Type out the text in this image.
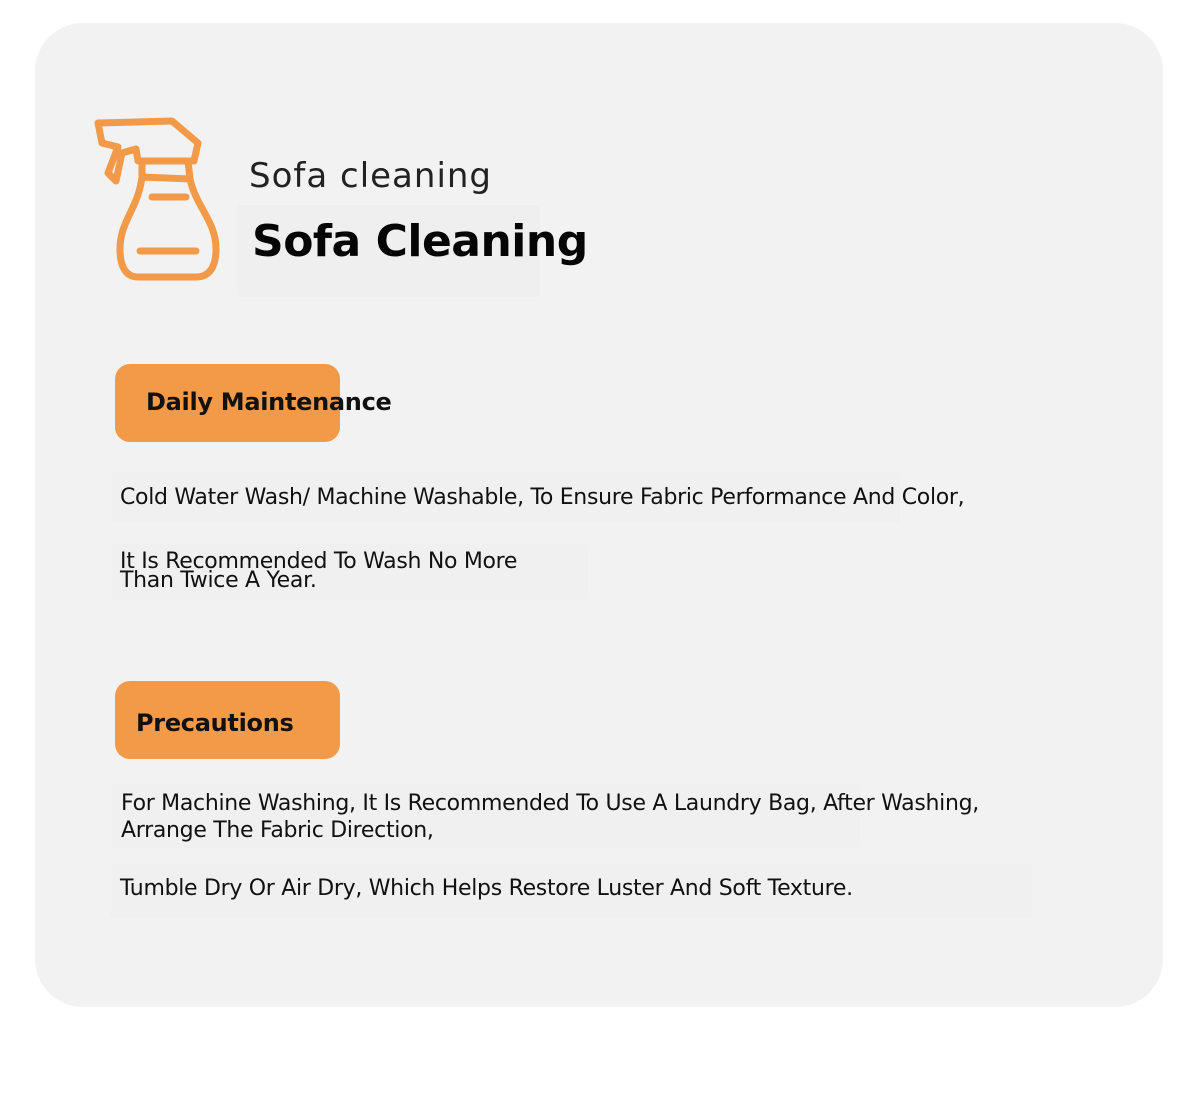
Sofa cleaning
Sofa Cleaning
Daily Maintenance
Cold Water Wash/ Machine Washable, To Ensure Fabric Performance And Color,
It Is Recommended To Wash No More
Than Twice A Year.
Precautions
For Machine Washing, It Is Recommended To Use A Laundry Bag, After Washing,
Arrange The Fabric Direction,
Tumble Dry Or Air Dry, Which Helps Restore Luster And Soft Texture.
